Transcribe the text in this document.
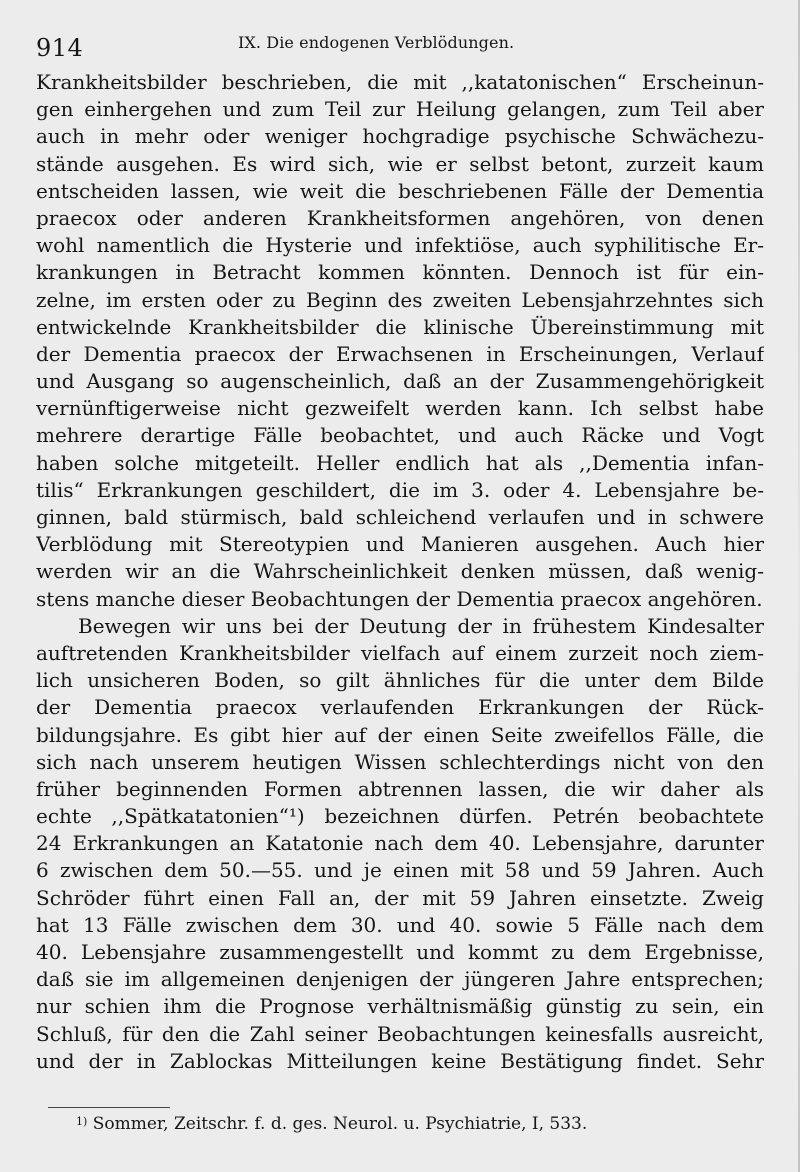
914	IX. Die endogenen Verblödungen.
Krankheitsbilder beschrieben, die mit ,,katatonischen“ Erscheinun-
gen einhergehen und zum Teil zur Heilung gelangen, zum Teil aber
auch in mehr oder weniger hochgradige psychische Schwächezu-
stände ausgehen. Es wird sich, wie er selbst betont, zurzeit kaum
entscheiden lassen, wie weit die beschriebenen Fälle der Dementia
praecox oder anderen Krankheitsformen angehören, von denen
wohl namentlich die Hysterie und infektiöse, auch syphilitische Er-
krankungen in Betracht kommen könnten. Dennoch ist für ein-
zelne, im ersten oder zu Beginn des zweiten Lebensjahrzehntes sich
entwickelnde Krankheitsbilder die klinische Übereinstimmung mit
der Dementia praecox der Erwachsenen in Erscheinungen, Verlauf
und Ausgang so augenscheinlich, daß an der Zusammengehörigkeit
vernünftigerweise nicht gezweifelt werden kann. Ich selbst habe
mehrere derartige Fälle beobachtet, und auch Räcke und Vogt
haben solche mitgeteilt. Heller endlich hat als ,,Dementia infan-
tilis“ Erkrankungen geschildert, die im 3. oder 4. Lebensjahre be-
ginnen, bald stürmisch, bald schleichend verlaufen und in schwere
Verblödung mit Stereotypien und Manieren ausgehen. Auch hier
werden wir an die Wahrscheinlichkeit denken müssen, daß wenig-
stens manche dieser Beobachtungen der Dementia praecox angehören.
Bewegen wir uns bei der Deutung der in frühestem Kindesalter
auftretenden Krankheitsbilder vielfach auf einem zurzeit noch ziem-
lich unsicheren Boden, so gilt ähnliches für die unter dem Bilde
der Dementia praecox verlaufenden Erkrankungen der Rück-
bildungsjahre. Es gibt hier auf der einen Seite zweifellos Fälle, die
sich nach unserem heutigen Wissen schlechterdings nicht von den
früher beginnenden Formen abtrennen lassen, die wir daher als
echte ,,Spätkatatonien“¹) bezeichnen dürfen. Petrén beobachtete
24 Erkrankungen an Katatonie nach dem 40. Lebensjahre, darunter
6 zwischen dem 50.—55. und je einen mit 58 und 59 Jahren. Auch
Schröder führt einen Fall an, der mit 59 Jahren einsetzte. Zweig
hat 13 Fälle zwischen dem 30. und 40. sowie 5 Fälle nach dem
40. Lebensjahre zusammengestellt und kommt zu dem Ergebnisse,
daß sie im allgemeinen denjenigen der jüngeren Jahre entsprechen;
nur schien ihm die Prognose verhältnismäßig günstig zu sein, ein
Schluß, für den die Zahl seiner Beobachtungen keinesfalls ausreicht,
und der in Zablockas Mitteilungen keine Bestätigung findet. Sehr
$^{1)}$ Sommer, Zeitschr. f. d. ges. Neurol. u. Psychiatrie, I, 533.
